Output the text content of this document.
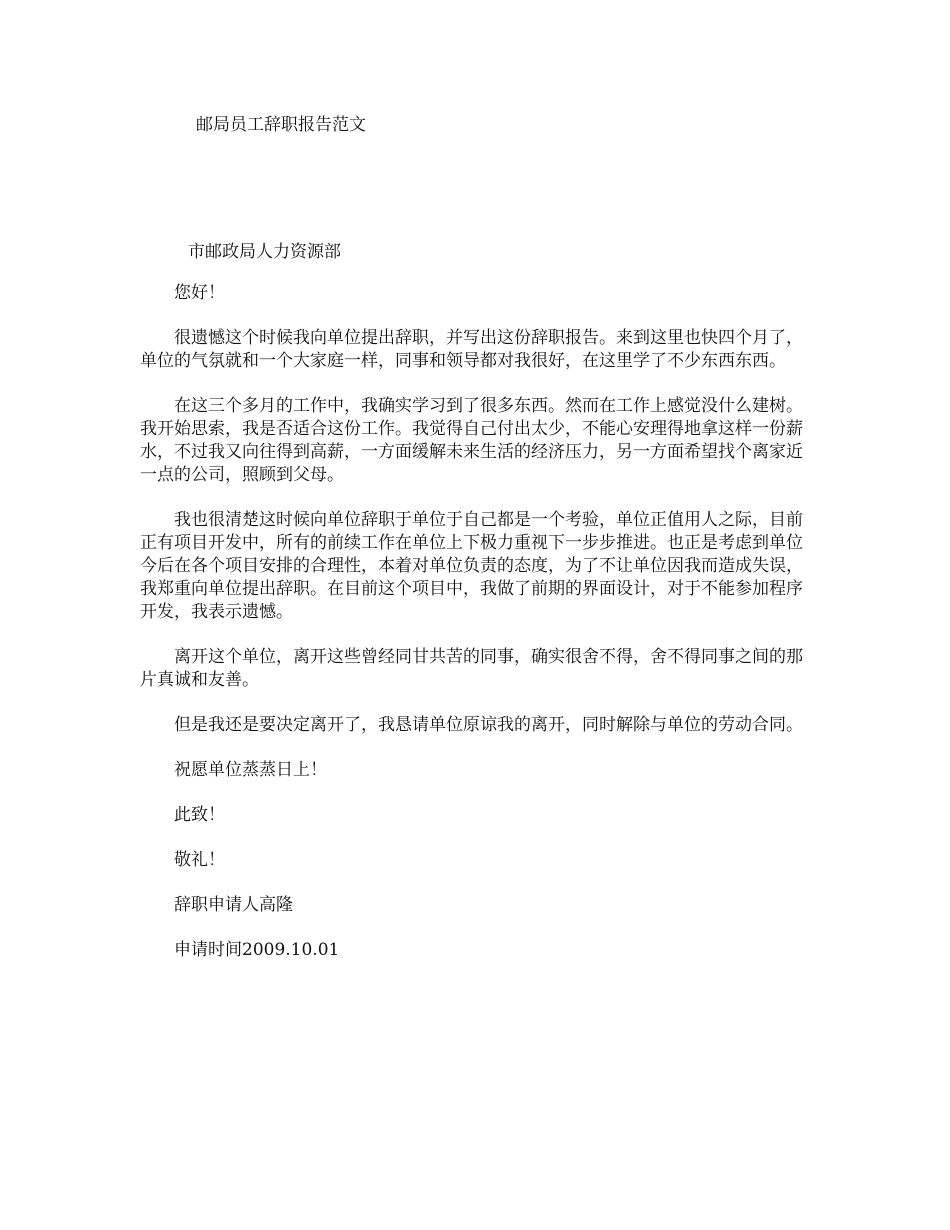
邮局员工辞职报告范文
市邮政局人力资源部

您好！

很遗憾这个时候我向单位提出辞职，并写出这份辞职报告。来到这里也快四个月了，单位的气氛就和一个大家庭一样，同事和领导都对我很好，在这里学了不少东西东西。

在这三个多月的工作中，我确实学习到了很多东西。然而在工作上感觉没什么建树。我开始思索，我是否适合这份工作。我觉得自己付出太少，不能心安理得地拿这样一份薪水，不过我又向往得到高薪，一方面缓解未来生活的经济压力，另一方面希望找个离家近一点的公司，照顾到父母。

我也很清楚这时候向单位辞职于单位于自己都是一个考验，单位正值用人之际，目前正有项目开发中，所有的前续工作在单位上下极力重视下一步步推进。也正是考虑到单位今后在各个项目安排的合理性，本着对单位负责的态度，为了不让单位因我而造成失误，我郑重向单位提出辞职。在目前这个项目中，我做了前期的界面设计，对于不能参加程序开发，我表示遗憾。

离开这个单位，离开这些曾经同甘共苦的同事，确实很舍不得，舍不得同事之间的那片真诚和友善。

但是我还是要决定离开了，我恳请单位原谅我的离开，同时解除与单位的劳动合同。

祝愿单位蒸蒸日上！

此致！

敬礼！

辞职申请人高隆

申请时间2009.10.01
